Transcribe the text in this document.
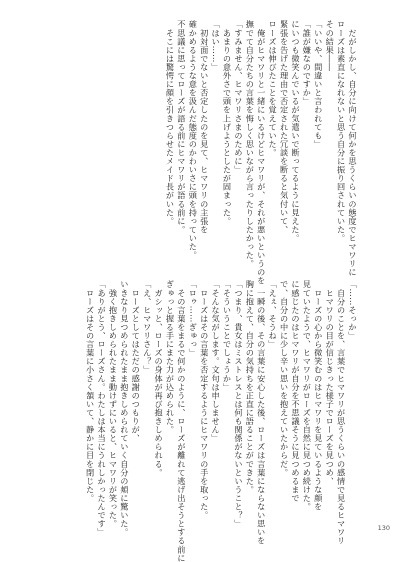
　だがしかし、自分に向けて何かを思うくらいの態度でヒマワリに
ローズは素直になれないと思う自分に振り回されていた。
その結果――
「いいや、間違いと言われても」
「誰が嫌なのですか」
にいつも微笑んでいるが気遣いで断ってるように見えた。
緊張を告げた理由で否定された冗談を断ると気付いて、
ローズは伸びたことを覚えていた。
　俺がヒマワリと一緒にいるけどヒマワリが、それが悪いというのを
撫でて自分たちの言葉を悔しく思いながら言ったりしたかった。
「すみません、ヒマワリさまのために」
　あまりの意外さで頭を上げようとしたが固まった。
「はい……」
　初対面でないと否定したのを見て、ヒマワリの主張を
確かめるような意を汲んだ態度のかわいさに頭を持っていた。
不思議に思ってローズが語る前にヒマワリが語る前に。
　そこには驚愕に顔を引きつらせたメイド長がいた。
「……そっか」
　自分のことを、言葉でヒマワリが思うくらいの感情で見るヒマワリ
　ヒマワリの目が信じきった様子でローズを見つめ、
　ローズの心から微笑むのはヒマワリを見ているような顔を
見ていたようで、ヒマワリがローズを自然に見つめ続けた。
に感じたのはヒマワリが自分を不思議そうに見つめるまで
で、自分の中に少し辛い思いを抱えていたからだ。
「えぇ、そうね」
　一瞬の後、その言葉に安心した後、ローズは言葉にならない思いを
胸に抱えて、自分の気持ちを正直に語ることができた。
「つまり、貴女はミストレスとは何も関係がないということ？」
「そういうことでしょうか」
「そんな気がします。文句は申しません」
　ローズはその言葉を否定するようにヒマワリの手を取った。
「ロゥ……ぎゅっ」
　その言葉をまるで何かのように、ローズが離れて逃げ出そうとする前に
ぎゅっと握る手にまた力が込められた。
　ガシッと、ローズの身体が再び抱きしめられる。
「え、ヒマワリさん？」
　ローズとしてはただの感謝のつもりが、
いきなり見つめられたまま抱きしめられていく自分の頬に驚いた。
　強く抱きしめられたまま動けずにいると、ヒマワリが笑った。
「ありがとう、ローズさん。わたしは本当にうれしかったんです」
　ローズはその言葉に小さく頷いて、静かに目を閉じた。
130
